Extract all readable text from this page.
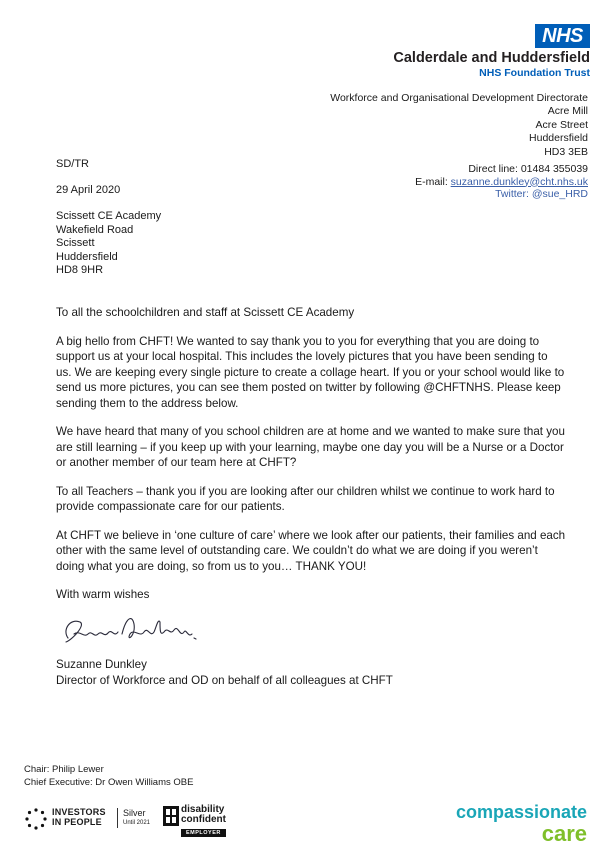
NHS
Calderdale and Huddersfield
NHS Foundation Trust
Workforce and Organisational Development Directorate
Acre Mill
Acre Street
Huddersfield
HD3 3EB
Direct line: 01484 355039
E-mail: suzanne.dunkley@cht.nhs.uk
Twitter: @sue_HRD
SD/TR
29 April 2020
Scissett CE Academy
Wakefield Road
Scissett
Huddersfield
HD8 9HR

To all the schoolchildren and staff at Scissett CE Academy

A big hello from CHFT! We wanted to say thank you to you for everything that you are doing to support us at your local hospital. This includes the lovely pictures that you have been sending to us. We are keeping every single picture to create a collage heart. If you or your school would like to send us more pictures, you can see them posted on twitter by following @CHFTNHS. Please keep sending them to the address below.

We have heard that many of you school children are at home and we wanted to make sure that you are still learning – if you keep up with your learning, maybe one day you will be a Nurse or a Doctor or another member of our team here at CHFT?

To all Teachers – thank you if you are looking after our children whilst we continue to work hard to provide compassionate care for our patients.

At CHFT we believe in ‘one culture of care’ where we look after our patients, their families and each other with the same level of outstanding care. We couldn’t do what we are doing if you weren’t doing what you are doing, so from us to you… THANK YOU!

With warm wishes

Suzanne Dunkley
Director of Workforce and OD on behalf of all colleagues at CHFT
Chair: Philip Lewer
Chief Executive: Dr Owen Williams OBE
INVESTORS
IN PEOPLE
Silver
Until 2021
disability
confident
EMPLOYER
compassionate
care
